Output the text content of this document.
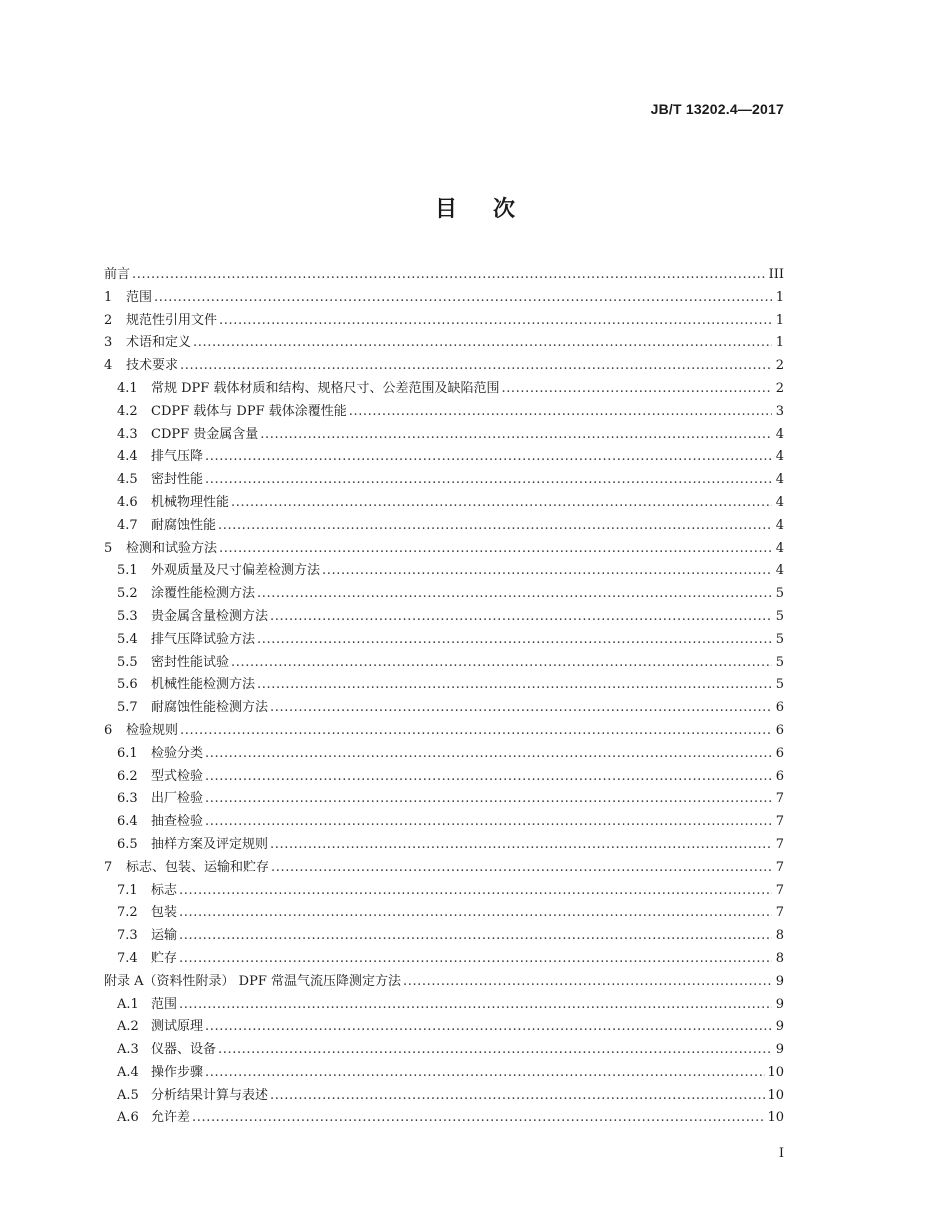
JB/T 13202.4—2017
目次
前言 .....	III
1	范围 .....	1
2	规范性引用文件 .....	1
3	术语和定义 .....	1
4	技术要求 .....	2
4.1	常规 DPF 载体材质和结构、规格尺寸、公差范围及缺陷范围 .....	2
4.2	CDPF 载体与 DPF 载体涂覆性能 .....	3
4.3	CDPF 贵金属含量 .....	4
4.4	排气压降 .....	4
4.5	密封性能 .....	4
4.6	机械物理性能 .....	4
4.7	耐腐蚀性能 .....	4
5	检测和试验方法 .....	4
5.1	外观质量及尺寸偏差检测方法 .....	4
5.2	涂覆性能检测方法 .....	5
5.3	贵金属含量检测方法 .....	5
5.4	排气压降试验方法 .....	5
5.5	密封性能试验 .....	5
5.6	机械性能检测方法 .....	5
5.7	耐腐蚀性能检测方法 .....	6
6	检验规则 .....	6
6.1	检验分类 .....	6
6.2	型式检验 .....	6
6.3	出厂检验 .....	7
6.4	抽查检验 .....	7
6.5	抽样方案及评定规则 .....	7
7	标志、包装、运输和贮存 .....	7
7.1	标志 .....	7
7.2	包装 .....	7
7.3	运输 .....	8
7.4	贮存 .....	8
附录 A（资料性附录） DPF 常温气流压降测定方法 .....	9
A.1 范围 .....	9
A.2 测试原理 .....	9
A.3 仪器、设备 .....	9
A.4 操作步骤 .....	10
A.5 分析结果计算与表述 .....	10
A.6 允许差 .....	10
I
